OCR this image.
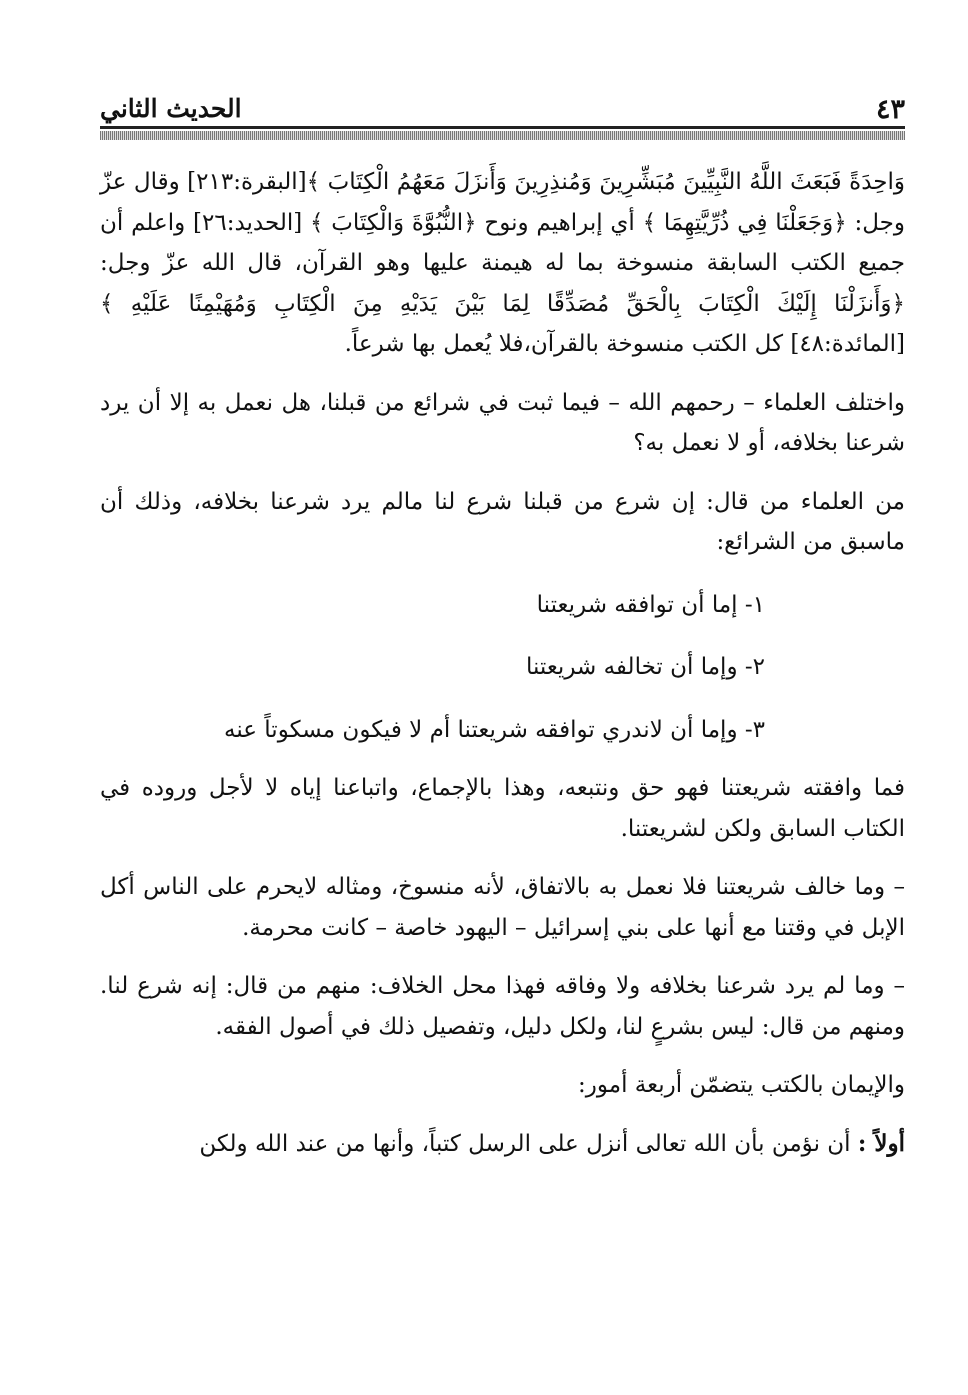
٤٣
الحديث الثاني

وَاحِدَةً فَبَعَثَ اللَّهُ النَّبِيِّينَ مُبَشِّرِينَ وَمُنذِرِينَ وَأَنزَلَ مَعَهُمُ الْكِتَابَ ﴾[البقرة:٢١٣] وقال عزّ وجل: ﴿وَجَعَلْنَا فِي ذُرِّيَّتِهِمَا ﴾ أي إبراهيم ونوح ﴿النُّبُوَّةَ وَالْكِتَابَ ﴾ [الحديد:٢٦] واعلم أن جميع الكتب السابقة منسوخة بما له هيمنة عليها وهو القرآن، قال الله عزّ وجل: ﴿وَأَنزَلْنَا إِلَيْكَ الْكِتَابَ بِالْحَقِّ مُصَدِّقًا لِمَا بَيْنَ يَدَيْهِ مِنَ الْكِتَابِ وَمُهَيْمِنًا عَلَيْهِ ﴾ [المائدة:٤٨] كل الكتب منسوخة بالقرآن،فلا يُعمل بها شرعاً.

واختلف العلماء – رحمهم الله – فيما ثبت في شرائع من قبلنا، هل نعمل به إلا أن يرد شرعنا بخلافه، أو لا نعمل به؟

من العلماء من قال: إن شرع من قبلنا شرع لنا مالم يرد شرعنا بخلافه، وذلك أن ماسبق من الشرائع:

١- إما أن توافقه شريعتنا

٢- وإما أن تخالفه شريعتنا

٣- وإما أن لاندري توافقه شريعتنا أم لا فيكون مسكوتاً عنه

فما وافقته شريعتنا فهو حق ونتبعه، وهذا بالإجماع، واتباعنا إياه لا لأجل وروده في الكتاب السابق ولكن لشريعتنا.

– وما خالف شريعتنا فلا نعمل به بالاتفاق، لأنه منسوخ، ومثاله لايحرم على الناس أكل الإبل في وقتنا مع أنها على بني إسرائيل – اليهود خاصة – كانت محرمة.

– وما لم يرد شرعنا بخلافه ولا وفاقه فهذا محل الخلاف: منهم من قال: إنه شرع لنا. ومنهم من قال: ليس بشرعٍ لنا، ولكل دليل، وتفصيل ذلك في أصول الفقه.

والإيمان بالكتب يتضمّن أربعة أمور:

أولاً : أن نؤمن بأن الله تعالى أنزل على الرسل كتباً، وأنها من عند الله ولكن
